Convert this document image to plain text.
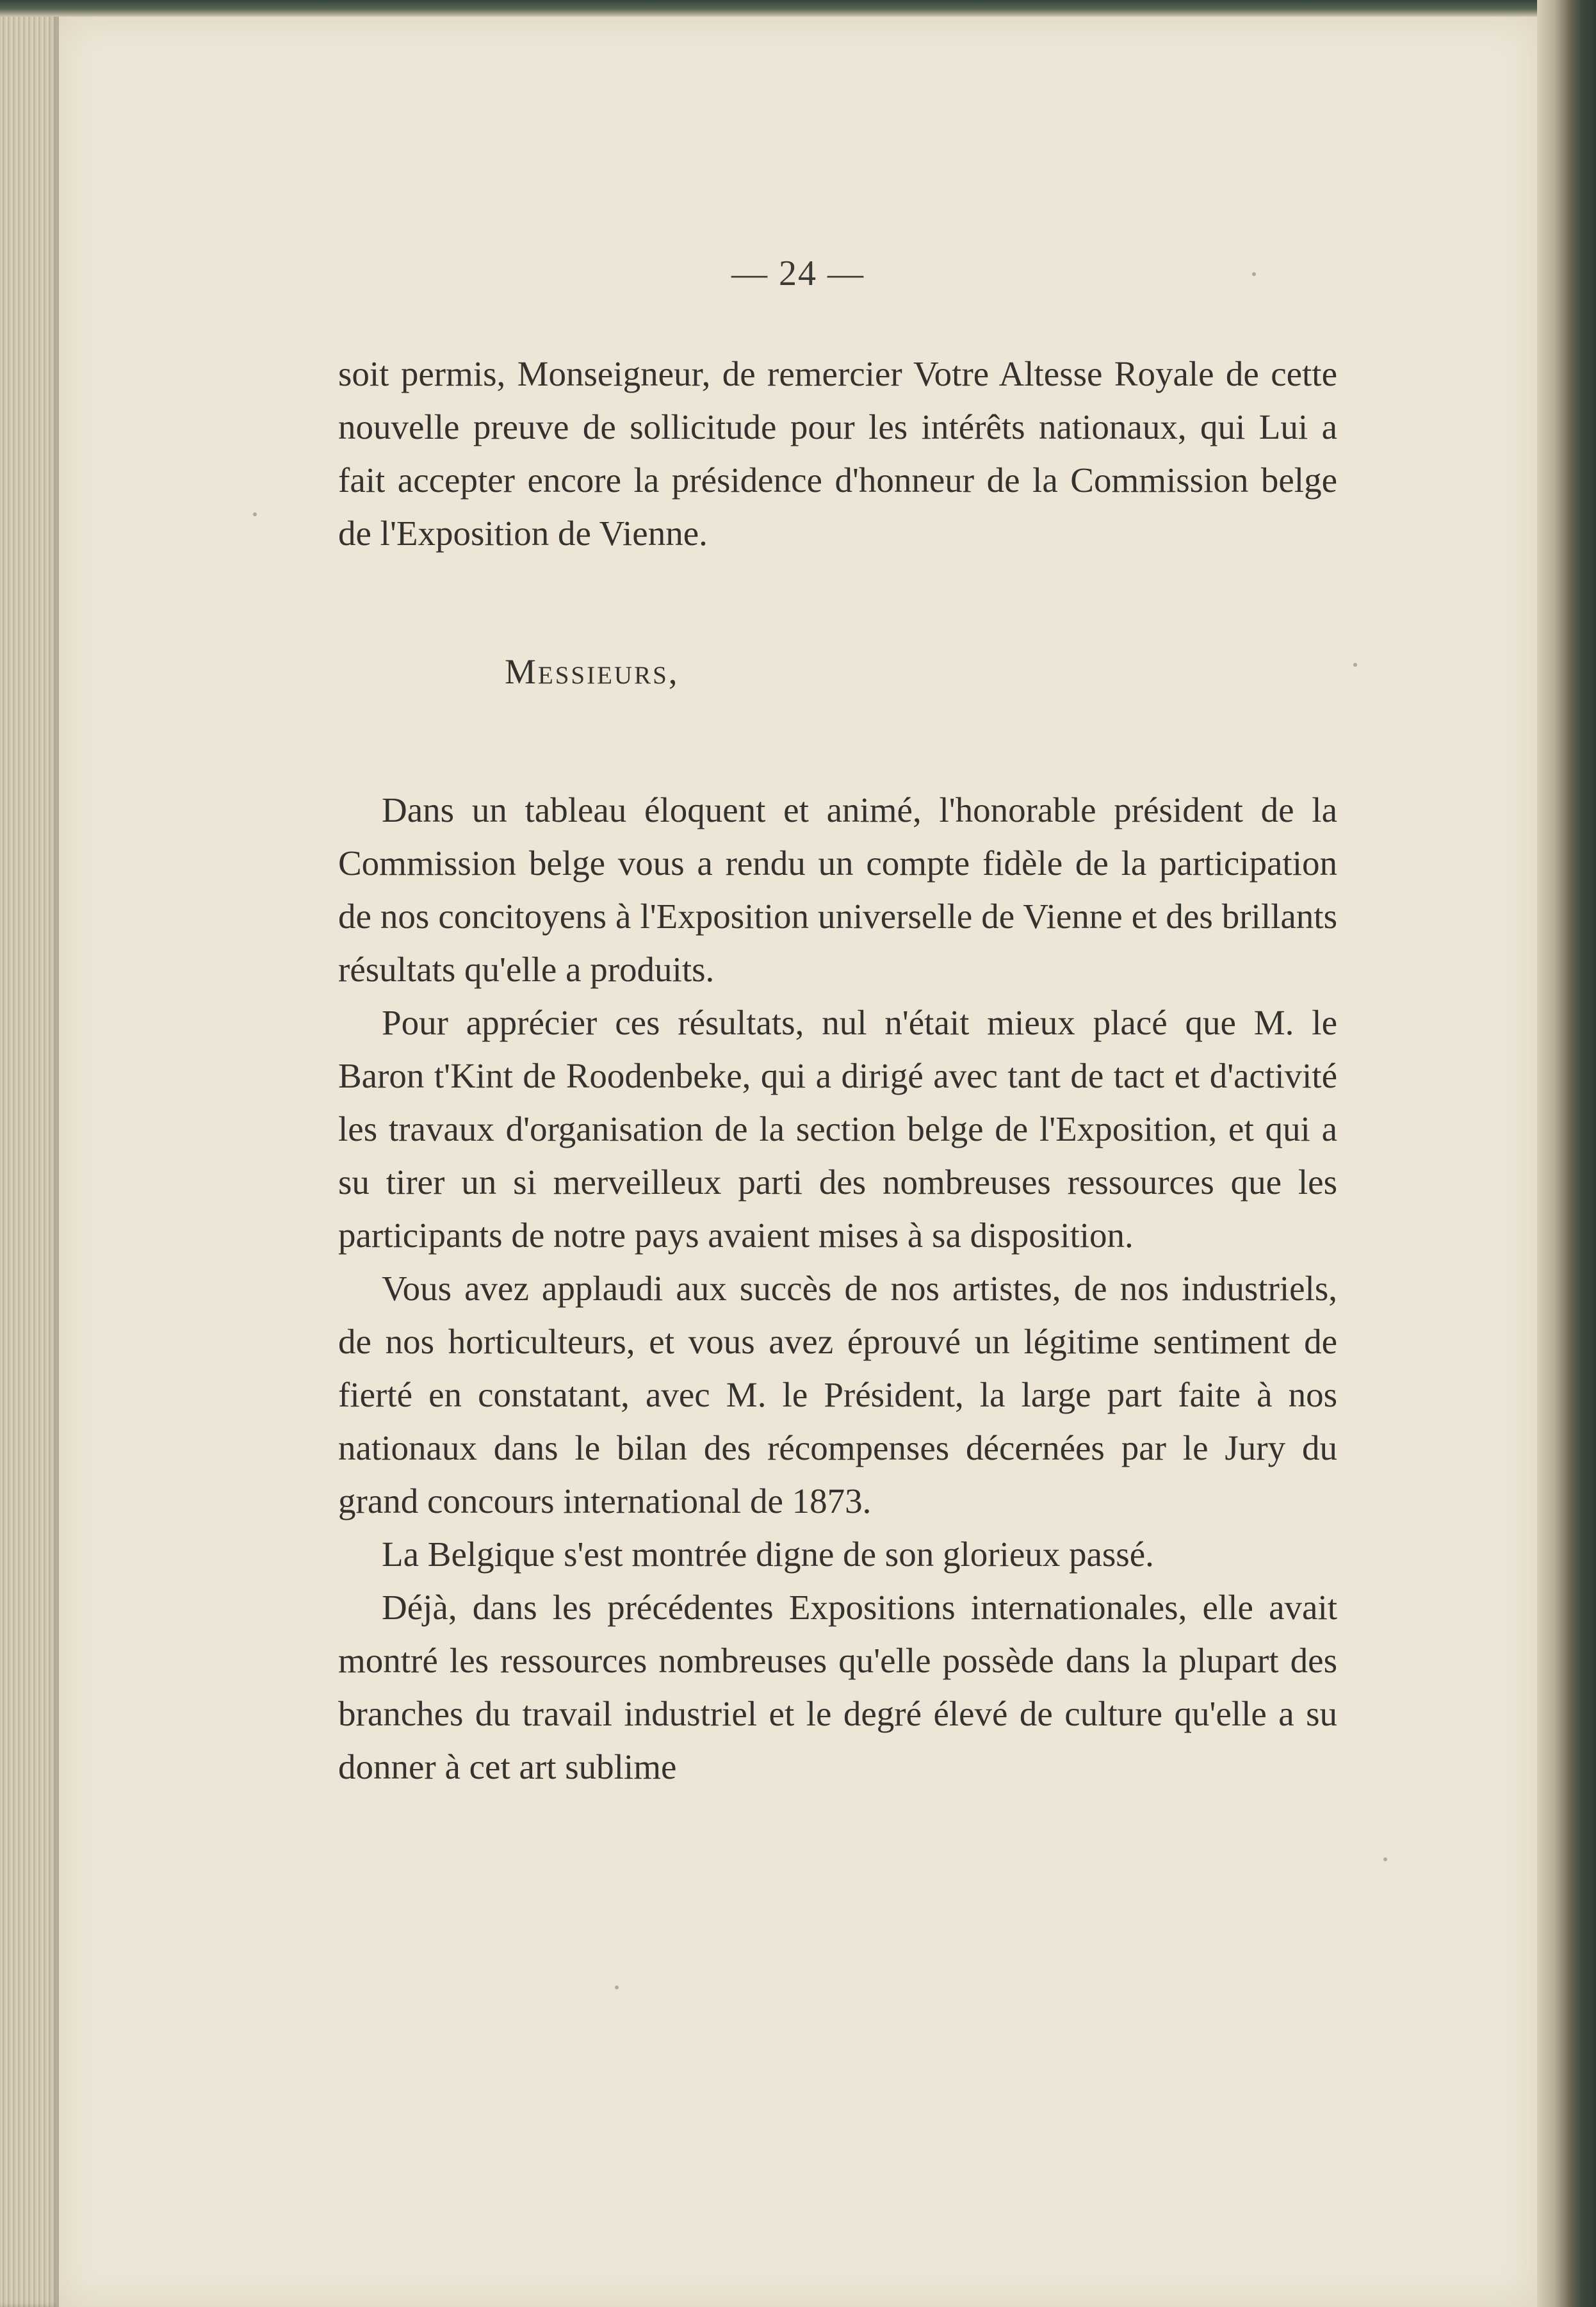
— 24 —

soit permis, Monseigneur, de remercier Votre Altesse Royale de cette nouvelle preuve de sollicitude pour les intérêts nationaux, qui Lui a fait accepter encore la présidence d'honneur de la Commission belge de l'Exposition de Vienne.

Messieurs,

Dans un tableau éloquent et animé, l'honorable président de la Commission belge vous a rendu un compte fidèle de la participation de nos concitoyens à l'Exposition universelle de Vienne et des brillants résultats qu'elle a produits.

Pour apprécier ces résultats, nul n'était mieux placé que M. le Baron t'Kint de Roodenbeke, qui a dirigé avec tant de tact et d'activité les travaux d'organisation de la section belge de l'Exposition, et qui a su tirer un si merveilleux parti des nombreuses ressources que les participants de notre pays avaient mises à sa disposition.

Vous avez applaudi aux succès de nos artistes, de nos industriels, de nos horticulteurs, et vous avez éprouvé un légitime sentiment de fierté en constatant, avec M. le Président, la large part faite à nos nationaux dans le bilan des récompenses décernées par le Jury du grand concours international de 1873.

La Belgique s'est montrée digne de son glorieux passé.

Déjà, dans les précédentes Expositions internationales, elle avait montré les ressources nombreuses qu'elle possède dans la plupart des branches du travail industriel et le degré élevé de culture qu'elle a su donner à cet art sublime
